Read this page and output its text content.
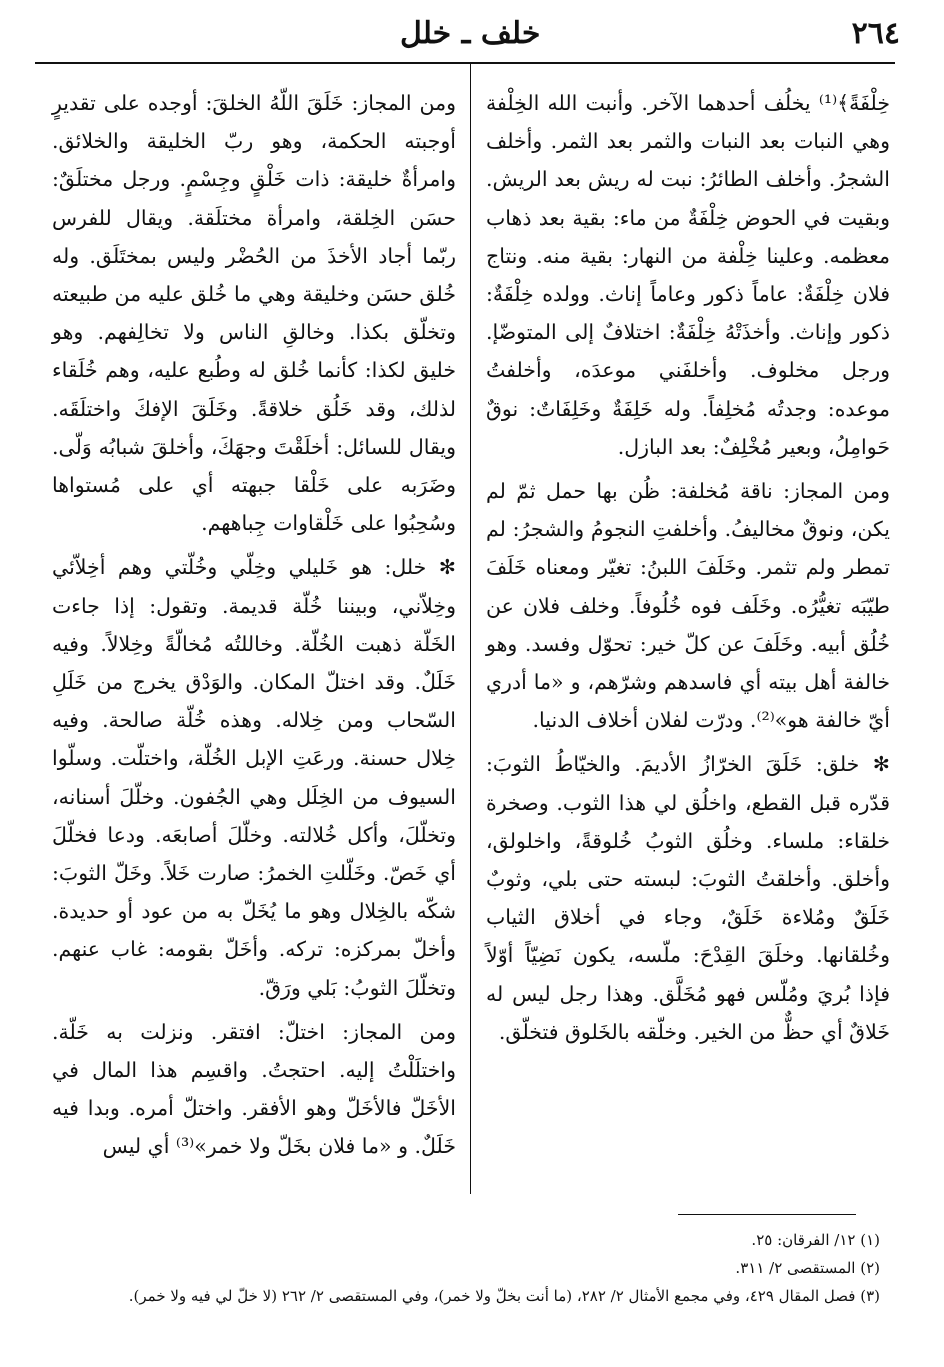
٢٦٤
خلف ـ خلل

خِلْفَةً﴾⁽¹⁾ يخلُف أحدهما الآخر. وأنبت الله الخِلْفة وهي النبات بعد النبات والثمر بعد الثمر. وأخلف الشجرُ. وأخلف الطائرُ: نبت له ريش بعد الريش. وبقيت في الحوض خِلْفَةٌ من ماء: بقية بعد ذهاب معظمه. وعلينا خِلْفة من النهار: بقية منه. ونتاج فلان خِلْفَةٌ: عاماً ذكور وعاماً إناث. وولده خِلْفَةٌ: ذكور وإناث. وأخذَتْهُ خِلْفَةٌ: اختلافٌ إلى المتوضّإ. ورجل مخلوف. وأخلفَني موعدَه، وأخلفتُ موعده: وجدتُه مُخلِفاً. وله خَلِفَةٌ وخَلِفَاتٌ: نوقٌ حَوامِلُ، وبعير مُخْلِفٌ: بعد البازل.

ومن المجاز: ناقة مُخلفة: ظُن بها حمل ثمّ لم يكن، ونوقٌ مخاليفُ. وأخلفتِ النجومُ والشجرُ: لم تمطر ولم تثمر. وخَلَفَ اللبنُ: تغيّر ومعناه خَلَفَ طيّبَه تغيُّرُه. وخَلَف فوه خُلُوفاً. وخلف فلان عن خُلُق أبيه. وخَلَفَ عن كلّ خير: تحوّل وفسد. وهو خالفة أهل بيته أي فاسدهم وشرّهم، و «ما أدري أيّ خالفة هو»⁽²⁾. ودرّت لفلان أخلاف الدنيا.

✻ خلق: خَلَقَ الخرّازُ الأديمَ. والخيّاطُ الثوبَ: قدّره قبل القطع، واخلُق لي هذا الثوب. وصخرة خلقاء: ملساء. وخلُق الثوبُ خُلوقةً، واخلولق، وأخلق. وأخلقتُ الثوبَ: لبسته حتى بلي، وثوبٌ خَلَقٌ ومُلاءة خَلَقٌ، وجاء في أخلاق الثياب وخُلقانها. وخلَقَ القِدْحَ: ملّسه، يكون نَضِيّاً أوّلاً فإذا بُريَ ومُلّس فهو مُخَلَّق. وهذا رجل ليس له خَلاقٌ أي حظٌّ من الخير. وخلّقه بالخَلوق فتخلّق.

ومن المجاز: خَلَقَ اللّهُ الخلقَ: أوجده على تقديرٍ أوجبته الحكمة، وهو ربّ الخليقة والخلائق. وامرأةٌ خليقة: ذات خَلْقٍ وجِسْمٍ. ورجل مختلَقٌ: حسَن الخِلقة، وامرأة مختلَقة. ويقال للفرس ربّما أجاد الأخذَ من الحُضْر وليس بمختَلَق. وله خُلق حسَن وخليقة وهي ما خُلق عليه من طبيعته وتخلّق بكذا. وخالقِ الناس ولا تخالِفهم. وهو خليق لكذا: كأنما خُلق له وطُبع عليه، وهم خُلَقاء لذلك، وقد خَلُق خلاقةً. وخَلَقَ الإفكَ واختلَقَه. ويقال للسائل: أخلَقْتَ وجهَكَ، وأخلقَ شبابُه وَلّى. وضَرَبه على خَلْقا جبهته أي على مُستواها وسُحِبُوا على خَلْقاوات جِباههم.

✻ خلل: هو خَليلي وخِلّي وخُلّتي وهم أخِلاّئي وخِلاّني، وبيننا خُلّة قديمة. وتقول: إذا جاءت الخَلّة ذهبت الخُلّة. وخاللتُه مُخالّةً وخِلالاً. وفيه خَلَلٌ. وقد اختلّ المكان. والوَدْق يخرج من خَلَلِ السّحاب ومن خِلاله. وهذه خُلّة صالحة. وفيه خِلال حسنة. ورعَتِ الإبل الخُلّة، واختلّت. وسلّوا السيوف من الخِلَل وهي الجُفون. وخلّلَ أسنانه، وتخلّلَ، وأكل خُلالته. وخلّلَ أصابعَه. ودعا فخلّلَ أي خَصّ. وخَلّلتِ الخمرُ: صارت خَلاً. وخَلّ الثوبَ: شكّه بالخِلال وهو ما يُخَلّ به من عود أو حديدة. وأخلّ بمركزه: تركه. وأخَلّ بقومه: غاب عنهم. وتخلّلَ الثوبُ: بَلي ورَقّ.

ومن المجاز: اختلّ: افتقر. ونزلت به خَلّة. واختلَلْتُ إليه. احتجتُ. واقسِم هذا المال في الأخَلّ فالأخَلّ وهو الأفقر. واختلّ أمره. وبدا فيه خَلَلٌ. و «ما فلان بخَلّ ولا خمر»⁽³⁾ أي ليس

(١) ١٢/ الفرقان: ٢٥.

(٢) المستقصى ٢/ ٣١١.

(٣) فصل المقال ٤٢٩، وفي مجمع الأمثال ٢/ ٢٨٢، (ما أنت بخلّ ولا خمر)، وفي المستقصى ٢/ ٢٦٢ (لا خلّ لي فيه ولا خمر).
